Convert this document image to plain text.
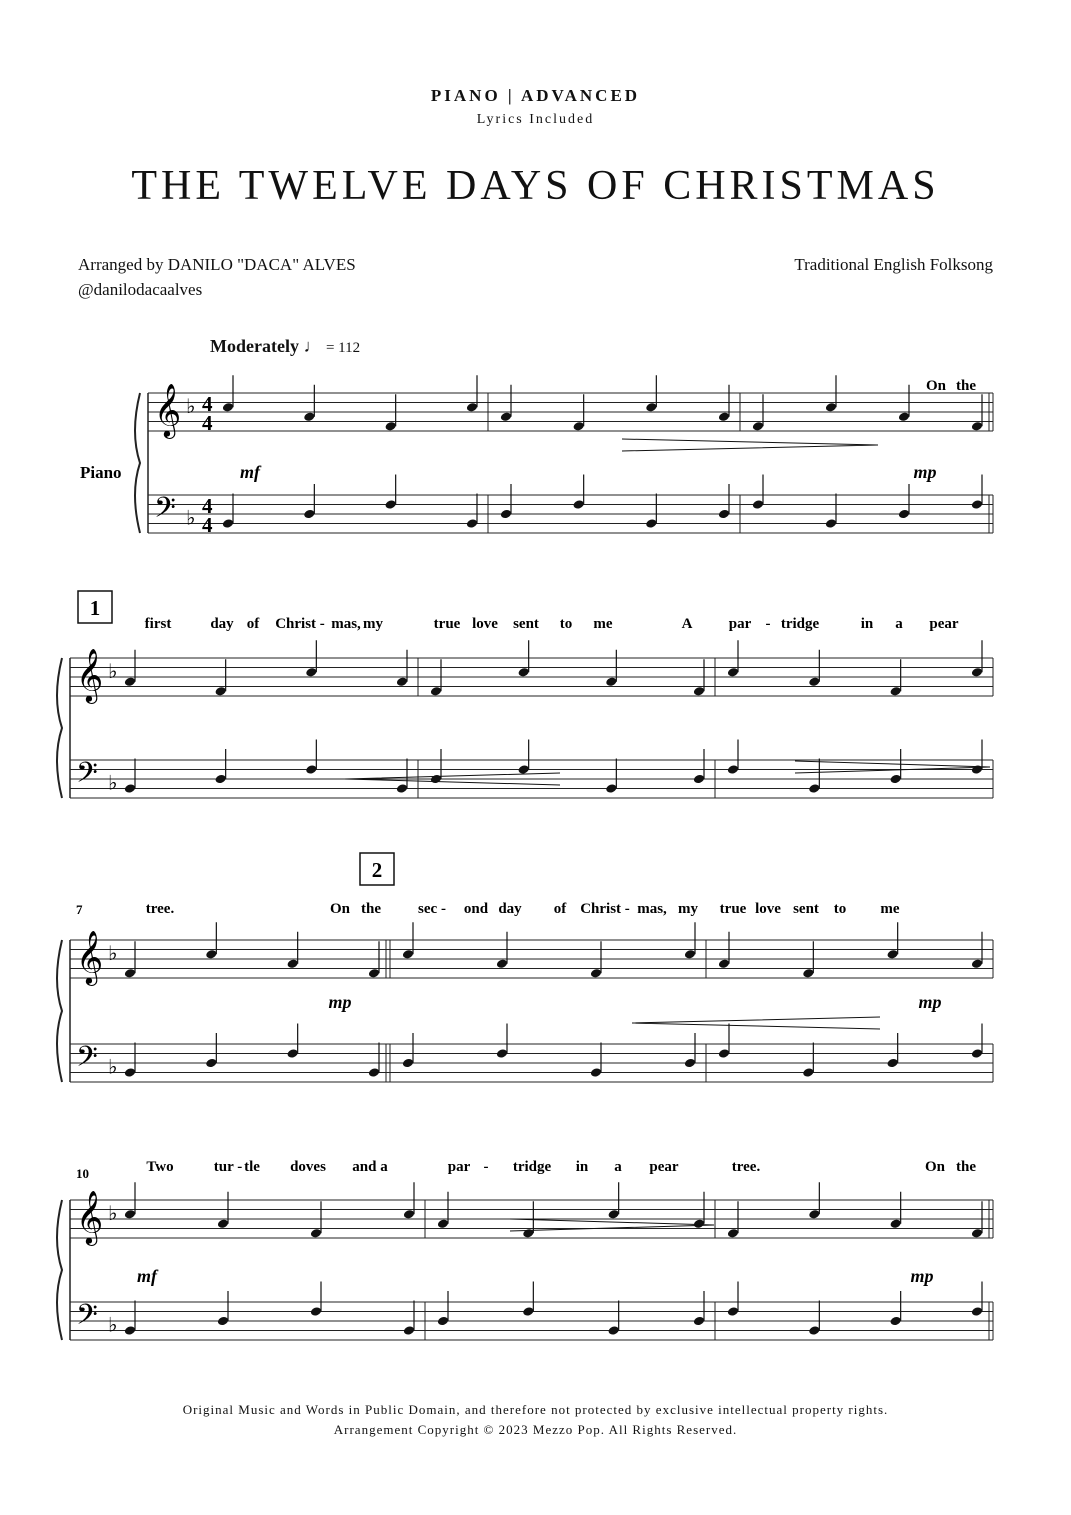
PIANO | ADVANCED
Lyrics Included
THE TWELVE DAYS OF CHRISTMAS
Arranged by DANILO "DACA" ALVES
@danilodacaalves
Traditional English Folksong
Moderately ♩ = 112
Piano
𝄞
𝄢
♭
♭
4
4
4
4
On the
𝄞
𝄢
♭
♭
first	day of Christ - mas, my	true love sent to me	A par - tridge	in a pear
𝄞
𝄢
♭
♭
tree.	On the sec - ond day of Christ - mas, my true love sent to me
𝄞
𝄢
♭
♭
Two	tur - tle doves and a	par - tridge in a pear	tree.	On the
1
2
7
10
mf	mp
mp	mp
mf	mp
Original Music and Words in Public Domain, and therefore not protected by exclusive intellectual property rights.
Arrangement Copyright © 2023 Mezzo Pop. All Rights Reserved.
